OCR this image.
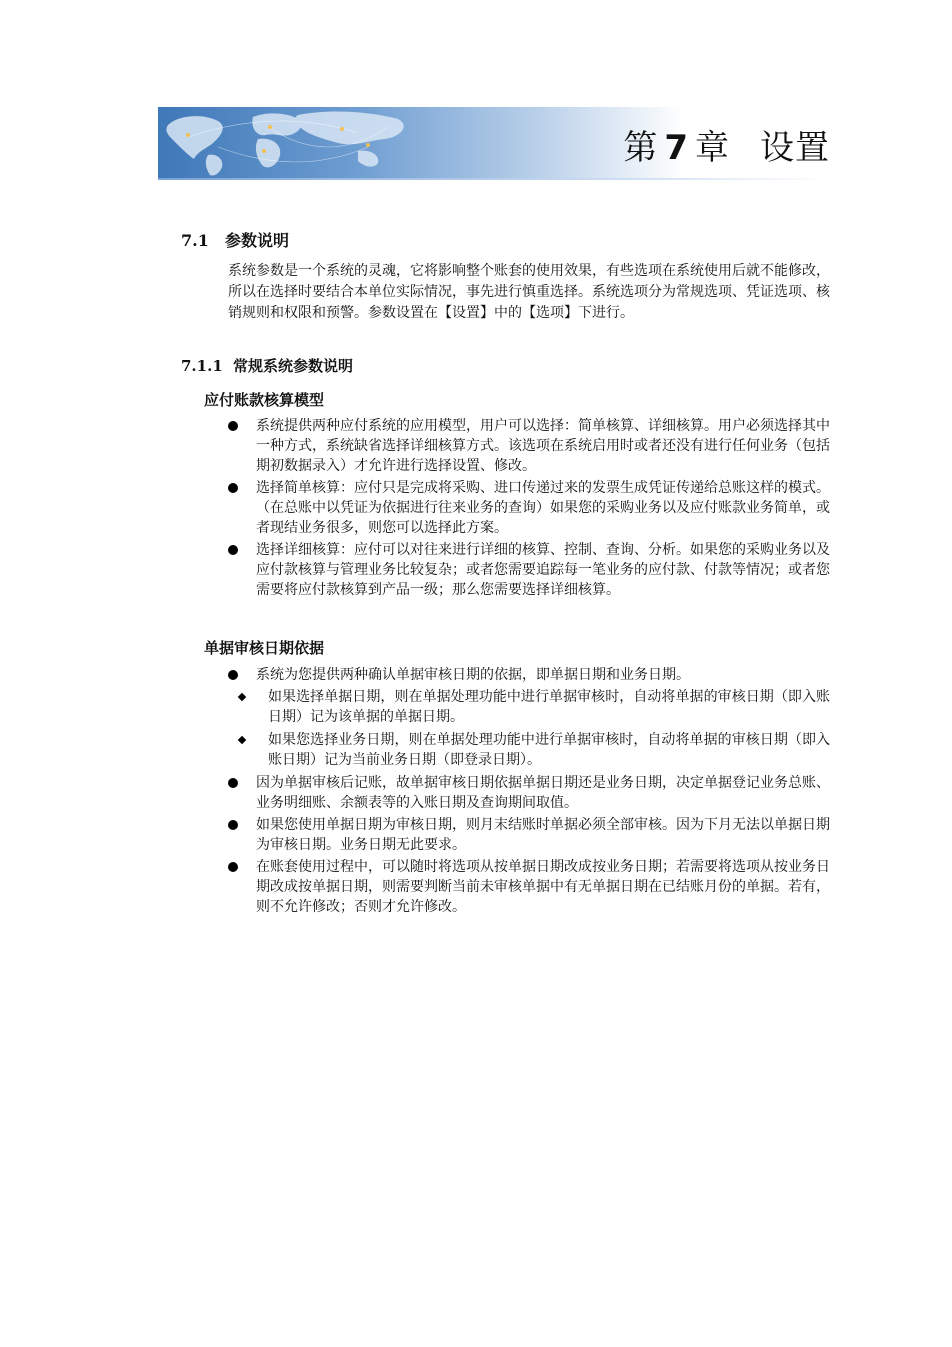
第 7 章 设置
7.1 参数说明
系统参数是一个系统的灵魂，它将影响整个账套的使用效果，有些选项在系统使用后就不能修改，所以在选择时要结合本单位实际情况，事先进行慎重选择。系统选项分为常规选项、凭证选项、核销规则和权限和预警。参数设置在【设置】中的【选项】下进行。
7.1.1 常规系统参数说明
应付账款核算模型
系统提供两种应付系统的应用模型，用户可以选择：简单核算、详细核算。用户必须选择其中一种方式，系统缺省选择详细核算方式。该选项在系统启用时或者还没有进行任何业务（包括期初数据录入）才允许进行选择设置、修改。
选择简单核算：应付只是完成将采购、进口传递过来的发票生成凭证传递给总账这样的模式。（在总账中以凭证为依据进行往来业务的查询）如果您的采购业务以及应付账款业务简单，或者现结业务很多，则您可以选择此方案。
选择详细核算：应付可以对往来进行详细的核算、控制、查询、分析。如果您的采购业务以及应付款核算与管理业务比较复杂；或者您需要追踪每一笔业务的应付款、付款等情况；或者您需要将应付款核算到产品一级；那么您需要选择详细核算。
单据审核日期依据
系统为您提供两种确认单据审核日期的依据，即单据日期和业务日期。
如果选择单据日期，则在单据处理功能中进行单据审核时，自动将单据的审核日期（即入账日期）记为该单据的单据日期。
如果您选择业务日期，则在单据处理功能中进行单据审核时，自动将单据的审核日期（即入账日期）记为当前业务日期（即登录日期）。
因为单据审核后记账，故单据审核日期依据单据日期还是业务日期，决定单据登记业务总账、业务明细账、余额表等的入账日期及查询期间取值。
如果您使用单据日期为审核日期，则月末结账时单据必须全部审核。因为下月无法以单据日期为审核日期。业务日期无此要求。
在账套使用过程中，可以随时将选项从按单据日期改成按业务日期；若需要将选项从按业务日期改成按单据日期，则需要判断当前未审核单据中有无单据日期在已结账月份的单据。若有，则不允许修改；否则才允许修改。
